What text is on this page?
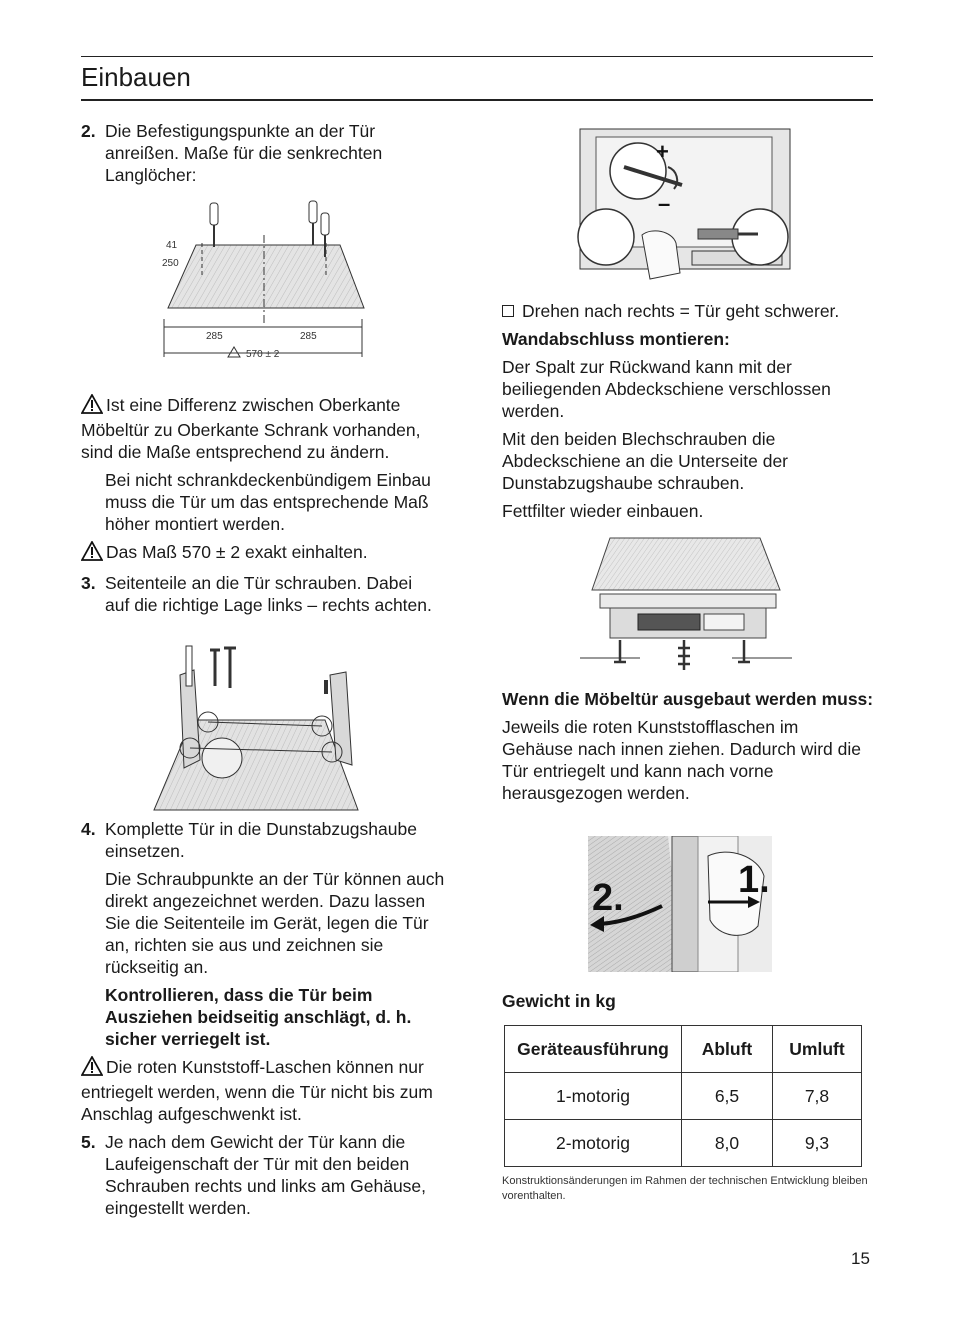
Einbauen

2. Die Befestigungspunkte an der Tür anreißen. Maße für die senkrechten Langlöcher:

41
250
285	285
570 ± 2

Ist eine Differenz zwischen Oberkante Möbeltür zu Oberkante Schrank vorhanden, sind die Maße entsprechend zu ändern.

Bei nicht schrankdeckenbündigem Einbau muss die Tür um das entsprechende Maß höher montiert werden.

Das Maß 570 ± 2 exakt einhalten.

3. Seitenteile an die Tür schrauben. Dabei auf die richtige Lage links – rechts achten.

4. Komplette Tür in die Dunstabzugshaube einsetzen.

Die Schraubpunkte an der Tür können auch direkt angezeichnet werden. Dazu lassen Sie die Seitenteile im Gerät, legen die Tür an, richten sie aus und zeichnen sie rückseitig an.

Kontrollieren, dass die Tür beim Ausziehen beidseitig anschlägt, d. h. sicher verriegelt ist.

Die roten Kunststoff-Laschen können nur entriegelt werden, wenn die Tür nicht bis zum Anschlag aufgeschwenkt ist.

5. Je nach dem Gewicht der Tür kann die Laufeigenschaft der Tür mit den beiden Schrauben rechts und links am Gehäuse, eingestellt werden.

+
–

Drehen nach rechts = Tür geht schwerer.

Wandabschluss montieren:

Der Spalt zur Rückwand kann mit der beiliegenden Abdeckschiene verschlossen werden.

Mit den beiden Blechschrauben die Abdeckschiene an die Unterseite der Dunstabzugshaube schrauben.

Fettfilter wieder einbauen.

Wenn die Möbeltür ausgebaut werden muss:

Jeweils die roten Kunststofflaschen im Gehäuse nach innen ziehen. Dadurch wird die Tür entriegelt und kann nach vorne herausgezogen werden.

1.
2.
Gewicht in kg
Geräteausführung	Abluft	Umluft
1-motorig	6,5	7,8
2-motorig	8,0	9,3
Konstruktionsänderungen im Rahmen der technischen Entwicklung bleiben vorenthalten.
15
